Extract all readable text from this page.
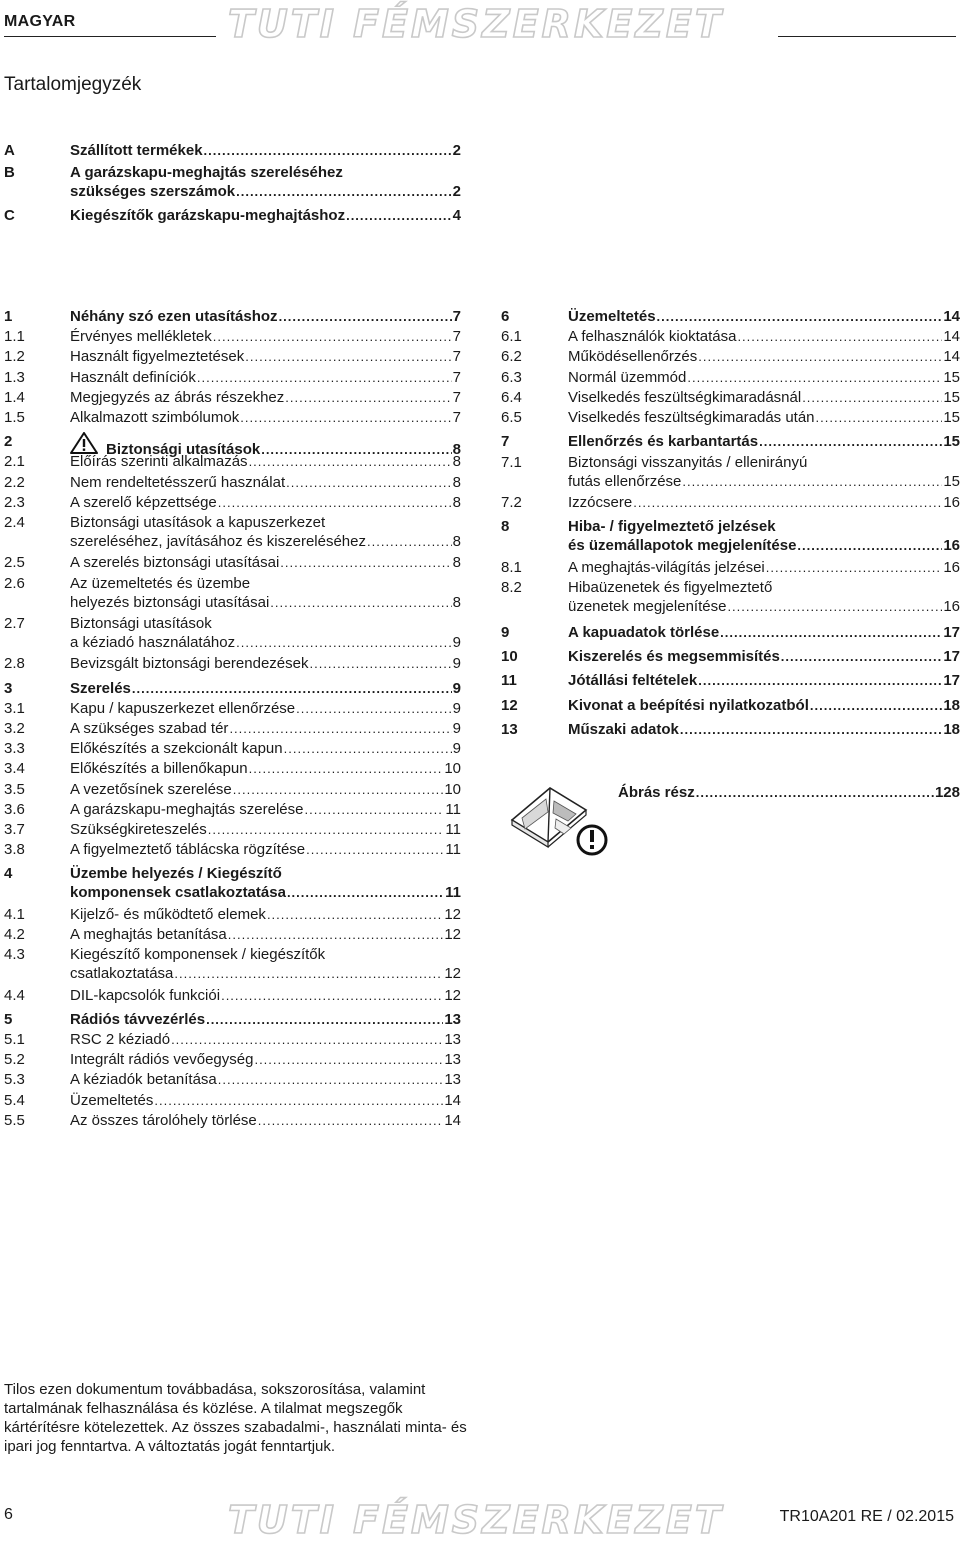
MAGYAR	TUTI FÉMSZERKEZET
Tartalomjegyzék
A	Szállított termékek .....	2
B	A garázskapu-meghajtás szereléséhez
szükséges szerszámok .....	2
C	Kiegészítők garázskapu-meghajtáshoz .....	4
1	Néhány szó ezen utasításhoz .....	7
1.1	Érvényes mellékletek .....	7
1.2	Használt figyelmeztetések .....	7
1.3	Használt definíciók .....	7
1.4	Megjegyzés az ábrás részekhez .....	7
1.5	Alkalmazott szimbólumok .....	7
2	Biztonsági utasítások .....	8
2.1	Előírás szerinti alkalmazás .....	8
2.2	Nem rendeltetésszerű használat .....	8
2.3	A szerelő képzettsége .....	8
2.4	Biztonsági utasítások a kapuszerkezet
szereléséhez, javításához és kiszereléséhez .....	8
2.5	A szerelés biztonsági utasításai .....	8
2.6	Az üzemeltetés és üzembe
helyezés biztonsági utasításai .....	8
2.7	Biztonsági utasítások
a kéziadó használatához .....	9
2.8	Bevizsgált biztonsági berendezések .....	9
3	Szerelés .....	9
3.1	Kapu / kapuszerkezet ellenőrzése .....	9
3.2	A szükséges szabad tér .....	9
3.3	Előkészítés a szekcionált kapun .....	9
3.4	Előkészítés a billenőkapun .....	10
3.5	A vezetősínek szerelése .....	10
3.6	A garázskapu-meghajtás szerelése .....	11
3.7	Szükségkireteszelés .....	11
3.8	A figyelmeztető táblácska rögzítése .....	11
4	Üzembe helyezés / Kiegészítő
komponensek csatlakoztatása .....	11
4.1	Kijelző- és működtető elemek .....	12
4.2	A meghajtás betanítása .....	12
4.3	Kiegészítő komponensek / kiegészítők
csatlakoztatása .....	12
4.4	DIL-kapcsolók funkciói .....	12
5	Rádiós távvezérlés .....	13
5.1	RSC 2 kéziadó .....	13
5.2	Integrált rádiós vevőegység .....	13
5.3	A kéziadók betanítása .....	13
5.4	Üzemeltetés .....	14
5.5	Az összes tárolóhely törlése .....	14
6	Üzemeltetés .....	14
6.1	A felhasználók kioktatása .....	14
6.2	Működésellenőrzés .....	14
6.3	Normál üzemmód .....	15
6.4	Viselkedés feszültségkimaradásnál .....	15
6.5	Viselkedés feszültségkimaradás után .....	15
7	Ellenőrzés és karbantartás .....	15
7.1	Biztonsági visszanyitás / ellenirányú
futás ellenőrzése .....	15
7.2	Izzócsere .....	16
8	Hiba- / figyelmeztető jelzések
és üzemállapotok megjelenítése .....	16
8.1	A meghajtás-világítás jelzései .....	16
8.2	Hibaüzenetek és figyelmeztető
üzenetek megjelenítése .....	16
9	A kapuadatok törlése .....	17
10	Kiszerelés és megsemmisítés .....	17
11	Jótállási feltételek .....	17
12	Kivonat a beépítési nyilatkozatból .....	18
13	Műszaki adatok .....	18
Ábrás rész .....	128
Tilos ezen dokumentum továbbadása, sokszorosítása, valamint tartalmának felhasználása és közlése. A tilalmat megszegők kártérítésre kötelezettek. Az összes szabadalmi-, használati minta- és ipari jog fenntartva. A változtatás jogát fenntartjuk.
6	TUTI FÉMSZERKEZET	TR10A201 RE / 02.2015
